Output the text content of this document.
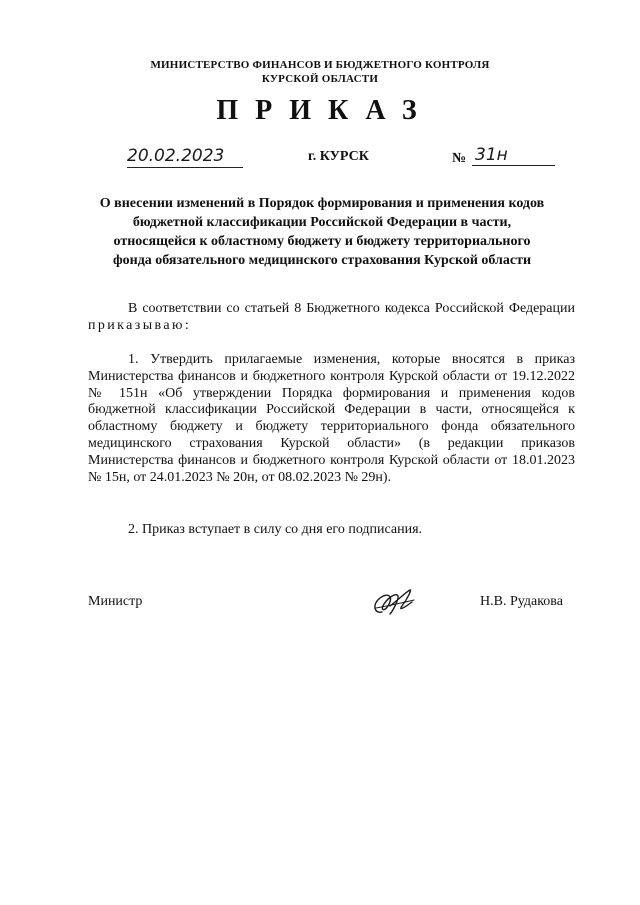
МИНИСТЕРСТВО ФИНАНСОВ И БЮДЖЕТНОГО КОНТРОЛЯ
КУРСКОЙ ОБЛАСТИ
ПРИКАЗ
20.02.2023	г. КУРСК	№ 31н
О внесении изменений в Порядок формирования и применения кодов
бюджетной классификации Российской Федерации в части,
относящейся к областному бюджету и бюджету территориального
фонда обязательного медицинского страхования Курской области
В соответствии со статьей 8 Бюджетного кодекса Российской Федерации приказываю:
1. Утвердить прилагаемые изменения, которые вносятся в приказ Министерства финансов и бюджетного контроля Курской области от 19.12.2022 № 151н «Об утверждении Порядка формирования и применения кодов бюджетной классификации Российской Федерации в части, относящейся к областному бюджету и бюджету территориального фонда обязательного медицинского страхования Курской области» (в редакции приказов Министерства финансов и бюджетного контроля Курской области от 18.01.2023 № 15н, от 24.01.2023 № 20н, от 08.02.2023 № 29н).
2. Приказ вступает в силу со дня его подписания.
Министр	Н.В. Рудакова
